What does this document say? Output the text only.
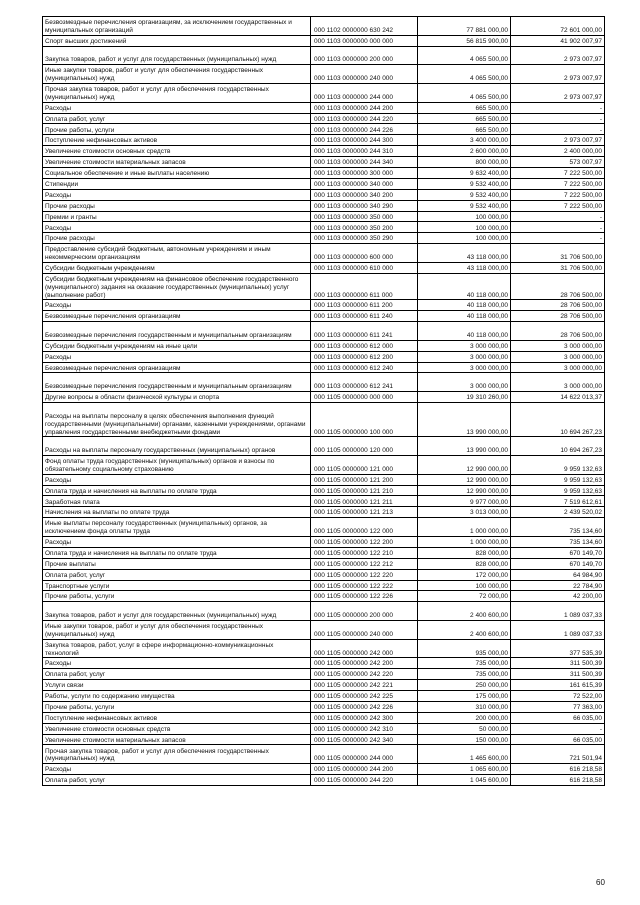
Безвозмездные перечисления организациям, за исключением государственных и муниципальных организаций	000 1102 0000000 630 242	77 881 000,00	72 601 000,00
Спорт высших достижений	000 1103 0000000 000 000	56 815 900,00	41 902 007,97
Закупка товаров, работ и услуг для государственных (муниципальных) нужд	000 1103 0000000 200 000	4 065 500,00	2 973 007,97
Иные закупки товаров, работ и услуг для обеспечения государственных (муниципальных) нужд	000 1103 0000000 240 000	4 065 500,00	2 973 007,97
Прочая закупка товаров, работ и услуг для обеспечения государственных (муниципальных) нужд	000 1103 0000000 244 000	4 065 500,00	2 973 007,97
Расходы	000 1103 0000000 244 200	665 500,00	-
Оплата работ, услуг	000 1103 0000000 244 220	665 500,00	-
Прочие работы, услуги	000 1103 0000000 244 226	665 500,00	-
Поступление нефинансовых активов	000 1103 0000000 244 300	3 400 000,00	2 973 007,97
Увеличение стоимости основных средств	000 1103 0000000 244 310	2 600 000,00	2 400 000,00
Увеличение стоимости материальных запасов	000 1103 0000000 244 340	800 000,00	573 007,97
Социальное обеспечение и иные выплаты населению	000 1103 0000000 300 000	9 632 400,00	7 222 500,00
Стипендии	000 1103 0000000 340 000	9 532 400,00	7 222 500,00
Расходы	000 1103 0000000 340 200	9 532 400,00	7 222 500,00
Прочие расходы	000 1103 0000000 340 290	9 532 400,00	7 222 500,00
Премии и гранты	000 1103 0000000 350 000	100 000,00	-
Расходы	000 1103 0000000 350 200	100 000,00	-
Прочие расходы	000 1103 0000000 350 290	100 000,00	-
Предоставление субсидий бюджетным, автономным учреждениям и иным некоммерческим организациям	000 1103 0000000 600 000	43 118 000,00	31 706 500,00
Субсидии бюджетным учреждениям	000 1103 0000000 610 000	43 118 000,00	31 706 500,00
Субсидии бюджетным учреждениям на финансовое обеспечение государственного (муниципального) задания на оказание государственных (муниципальных) услуг (выполнение работ)	000 1103 0000000 611 000	40 118 000,00	28 706 500,00
Расходы	000 1103 0000000 611 200	40 118 000,00	28 706 500,00
Безвозмездные перечисления организациям	000 1103 0000000 611 240	40 118 000,00	28 706 500,00
Безвозмездные перечисления государственным и муниципальным организациям	000 1103 0000000 611 241	40 118 000,00	28 706 500,00
Субсидии бюджетным учреждениям на иные цели	000 1103 0000000 612 000	3 000 000,00	3 000 000,00
Расходы	000 1103 0000000 612 200	3 000 000,00	3 000 000,00
Безвозмездные перечисления организациям	000 1103 0000000 612 240	3 000 000,00	3 000 000,00
Безвозмездные перечисления государственным и муниципальным организациям	000 1103 0000000 612 241	3 000 000,00	3 000 000,00
Другие вопросы в области физической культуры и спорта	000 1105 0000000 000 000	19 310 260,00	14 622 013,37
Расходы на выплаты персоналу в целях обеспечения выполнения функций государственными (муниципальными) органами, казенными учреждениями, органами управления государственными внебюджетными фондами	000 1105 0000000 100 000	13 990 000,00	10 694 267,23
Расходы на выплаты персоналу государственных (муниципальных) органов	000 1105 0000000 120 000	13 990 000,00	10 694 267,23
Фонд оплаты труда государственных (муниципальных) органов и взносы по обязательному социальному страхованию	000 1105 0000000 121 000	12 990 000,00	9 959 132,63
Расходы	000 1105 0000000 121 200	12 990 000,00	9 959 132,63
Оплата труда и начисления на выплаты по оплате труда	000 1105 0000000 121 210	12 990 000,00	9 959 132,63
Заработная плата	000 1105 0000000 121 211	9 977 000,00	7 519 612,61
Начисления на выплаты по оплате труда	000 1105 0000000 121 213	3 013 000,00	2 439 520,02
Иные выплаты персоналу государственных (муниципальных) органов, за исключением фонда оплаты труда	000 1105 0000000 122 000	1 000 000,00	735 134,60
Расходы	000 1105 0000000 122 200	1 000 000,00	735 134,60
Оплата труда и начисления на выплаты по оплате труда	000 1105 0000000 122 210	828 000,00	670 149,70
Прочие выплаты	000 1105 0000000 122 212	828 000,00	670 149,70
Оплата работ, услуг	000 1105 0000000 122 220	172 000,00	64 984,90
Транспортные услуги	000 1105 0000000 122 222	100 000,00	22 784,90
Прочие работы, услуги	000 1105 0000000 122 226	72 000,00	42 200,00
Закупка товаров, работ и услуг для государственных (муниципальных) нужд	000 1105 0000000 200 000	2 400 600,00	1 089 037,33
Иные закупки товаров, работ и услуг для обеспечения государственных (муниципальных) нужд	000 1105 0000000 240 000	2 400 600,00	1 089 037,33
Закупка товаров, работ, услуг в сфере информационно-коммуникационных технологий	000 1105 0000000 242 000	935 000,00	377 535,39
Расходы	000 1105 0000000 242 200	735 000,00	311 500,39
Оплата работ, услуг	000 1105 0000000 242 220	735 000,00	311 500,39
Услуги связи	000 1105 0000000 242 221	250 000,00	161 615,39
Работы, услуги по содержанию имущества	000 1105 0000000 242 225	175 000,00	72 522,00
Прочие работы, услуги	000 1105 0000000 242 226	310 000,00	77 363,00
Поступление нефинансовых активов	000 1105 0000000 242 300	200 000,00	66 035,00
Увеличение стоимости основных средств	000 1105 0000000 242 310	50 000,00	-
Увеличение стоимости материальных запасов	000 1105 0000000 242 340	150 000,00	66 035,00
Прочая закупка товаров, работ и услуг для обеспечения государственных (муниципальных) нужд	000 1105 0000000 244 000	1 465 600,00	721 501,94
Расходы	000 1105 0000000 244 200	1 065 600,00	616 218,58
Оплата работ, услуг	000 1105 0000000 244 220	1 045 600,00	616 218,58
60
